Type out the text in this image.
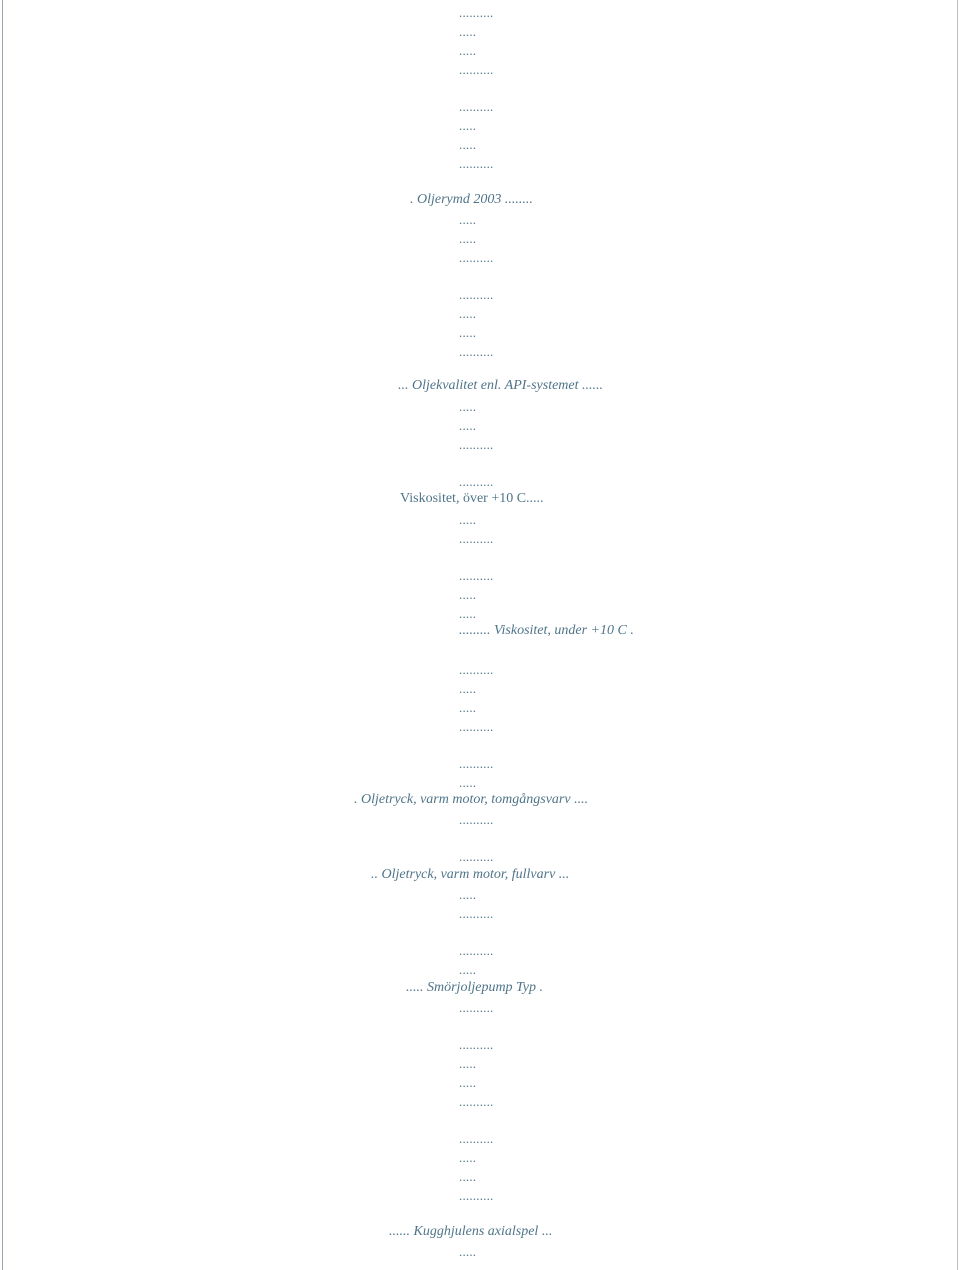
..........
.....
.....
..........
..........
.....
.....
..........
. Oljerymd 2003 ........
.....
.....
..........
..........
.....
.....
..........
... Oljekvalitet enl. API-systemet ......
.....
.....
..........
..........
Viskositet, över +10 C.....
.....
..........
..........
.....
.....
......... Viskositet, under +10 C .
..........
.....
.....
..........
..........
.....
. Oljetryck, varm motor, tomgångsvarv ....
..........
..........
.. Oljetryck, varm motor, fullvarv ...
.....
..........
..........
.....
..... Smörjoljepump Typ .
..........
..........
.....
.....
..........
..........
.....
.....
..........
...... Kugghjulens axialspel ...
.....
